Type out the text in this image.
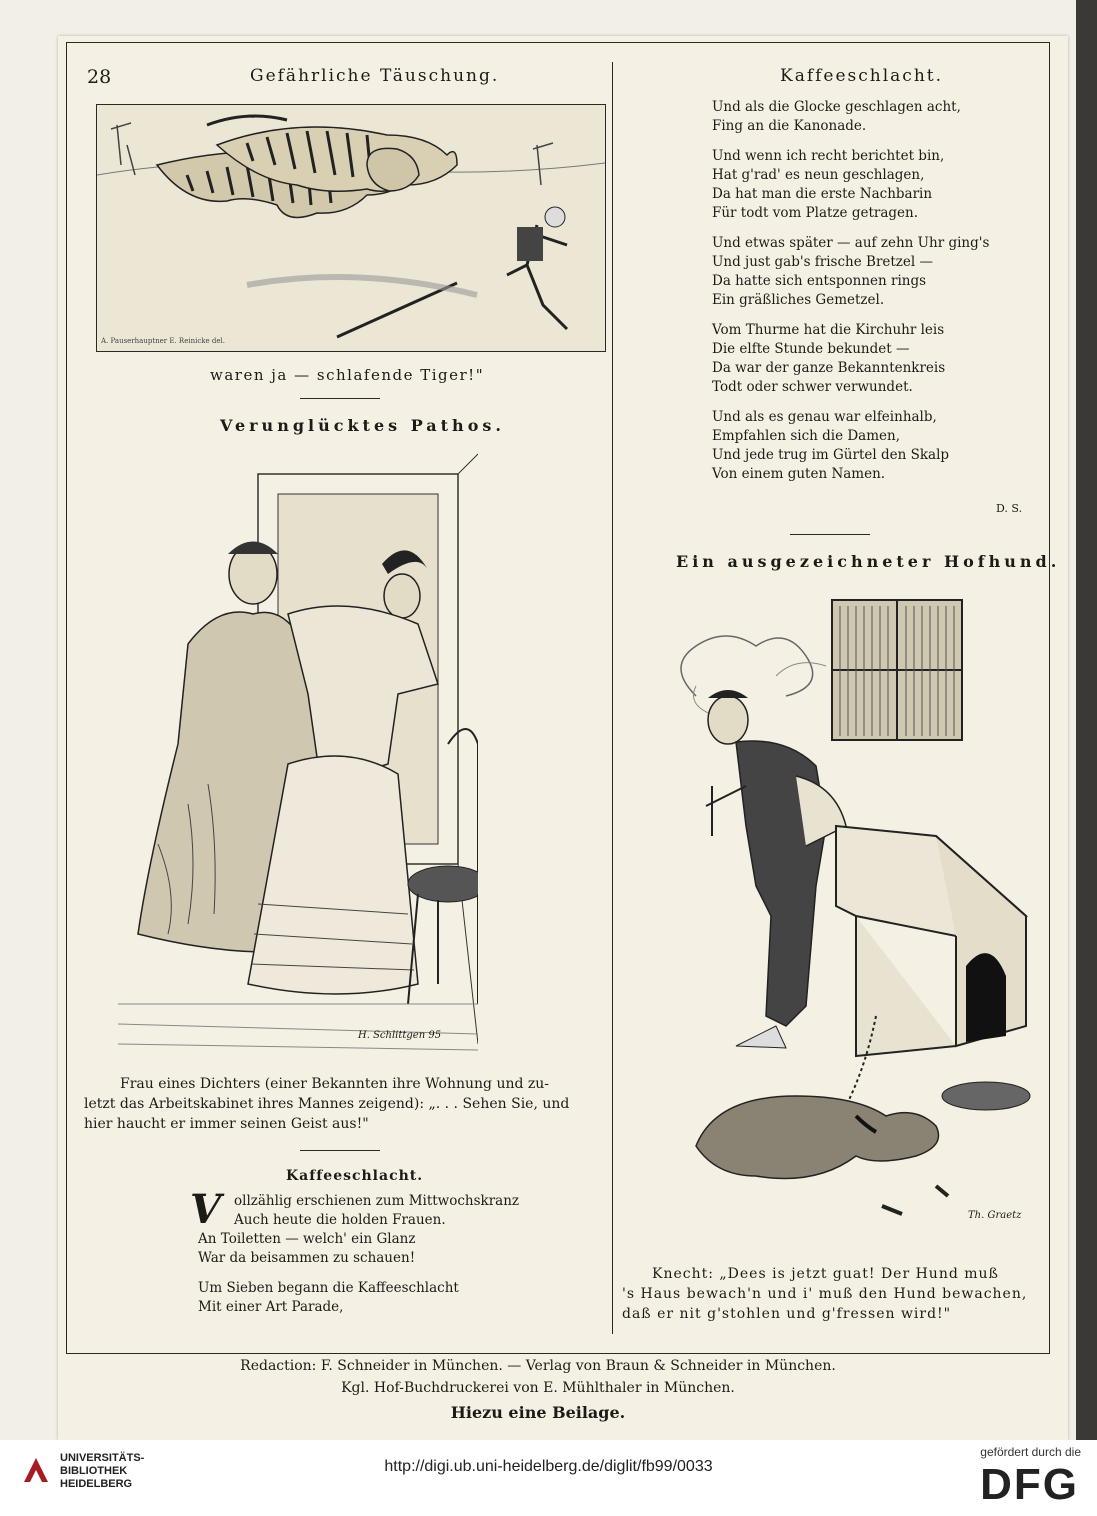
28	Gefährliche Täuschung.	Kaffeeschlacht.
A. Pauserhauptner E. Reinicke del.
waren ja — schlafende Tiger!"
Verunglücktes Pathos.
H. Schlittgen 95
Frau eines Dichters (einer Bekannten ihre Wohnung und zu-
letzt das Arbeitskabinet ihres Mannes zeigend): „. . . Sehen Sie, und
hier haucht er immer seinen Geist aus!"
Kaffeeschlacht.
V ollzählig erschienen zum Mittwochskranz
Auch heute die holden Frauen.
An Toiletten — welch' ein Glanz
War da beisammen zu schauen!
Um Sieben begann die Kaffeeschlacht
Mit einer Art Parade,
Und als die Glocke geschlagen acht,
Fing an die Kanonade.
Und wenn ich recht berichtet bin,
Hat g'rad' es neun geschlagen,
Da hat man die erste Nachbarin
Für todt vom Platze getragen.
Und etwas später — auf zehn Uhr ging's
Und just gab's frische Bretzel —
Da hatte sich entsponnen rings
Ein gräßliches Gemetzel.
Vom Thurme hat die Kirchuhr leis
Die elfte Stunde bekundet —
Da war der ganze Bekanntenkreis
Todt oder schwer verwundet.
Und als es genau war elfeinhalb,
Empfahlen sich die Damen,
Und jede trug im Gürtel den Skalp
Von einem guten Namen.
D. S.
Ein ausgezeichneter Hofhund.
Th. Graetz
Knecht: „Dees is jetzt guat! Der Hund muß
's Haus bewach'n und i' muß den Hund bewachen,
daß er nit g'stohlen und g'fressen wird!"
Redaction: F. Schneider in München. — Verlag von Braun & Schneider in München.
Kgl. Hof-Buchdruckerei von E. Mühlthaler in München.
Hiezu eine Beilage.
UNIVERSITÄTS-
BIBLIOTHEK
HEIDELBERG
http://digi.ub.uni-heidelberg.de/diglit/fb99/0033
gefördert durch die
DFG
